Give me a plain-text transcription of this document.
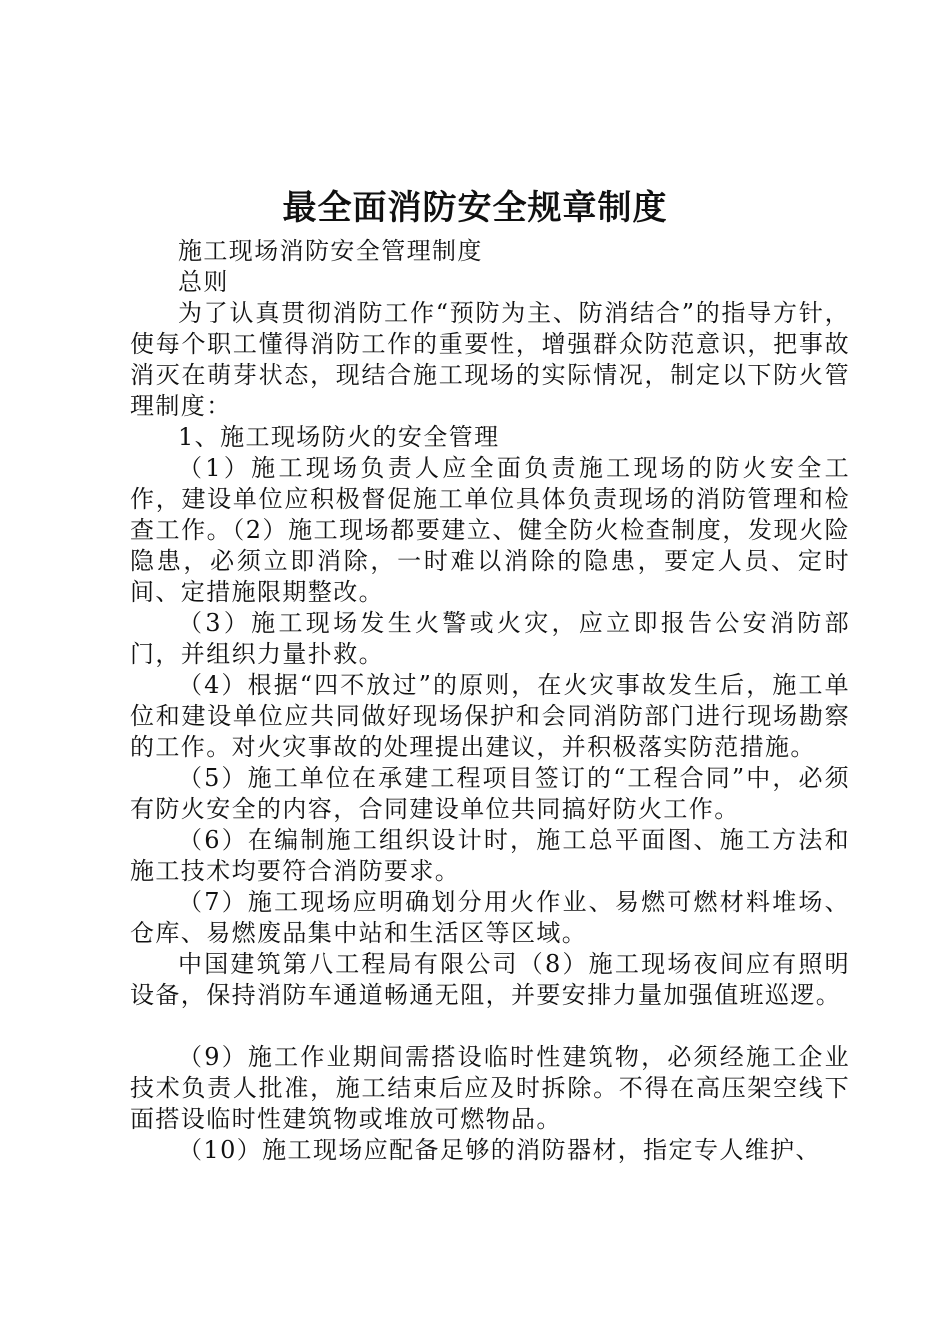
最全面消防安全规章制度

施工现场消防安全管理制度

总则

为了认真贯彻消防工作“预防为主、防消结合”的指导方针，使每个职工懂得消防工作的重要性，增强群众防范意识，把事故消灭在萌芽状态，现结合施工现场的实际情况，制定以下防火管理制度：

1、施工现场防火的安全管理

（1）施工现场负责人应全面负责施工现场的防火安全工作，建设单位应积极督促施工单位具体负责现场的消防管理和检查工作。（2）施工现场都要建立、健全防火检查制度，发现火险隐患，必须立即消除，一时难以消除的隐患，要定人员、定时间、定措施限期整改。

（3）施工现场发生火警或火灾，应立即报告公安消防部门，并组织力量扑救。

（4）根据“四不放过”的原则，在火灾事故发生后，施工单位和建设单位应共同做好现场保护和会同消防部门进行现场勘察的工作。对火灾事故的处理提出建议，并积极落实防范措施。

（5）施工单位在承建工程项目签订的“工程合同”中，必须有防火安全的内容，合同建设单位共同搞好防火工作。

（6）在编制施工组织设计时，施工总平面图、施工方法和施工技术均要符合消防要求。

（7）施工现场应明确划分用火作业、易燃可燃材料堆场、仓库、易燃废品集中站和生活区等区域。

中国建筑第八工程局有限公司（8）施工现场夜间应有照明设备，保持消防车通道畅通无阻，并要安排力量加强值班巡逻。

（9）施工作业期间需搭设临时性建筑物，必须经施工企业技术负责人批准，施工结束后应及时拆除。不得在高压架空线下面搭设临时性建筑物或堆放可燃物品。

（10）施工现场应配备足够的消防器材，指定专人维护、
